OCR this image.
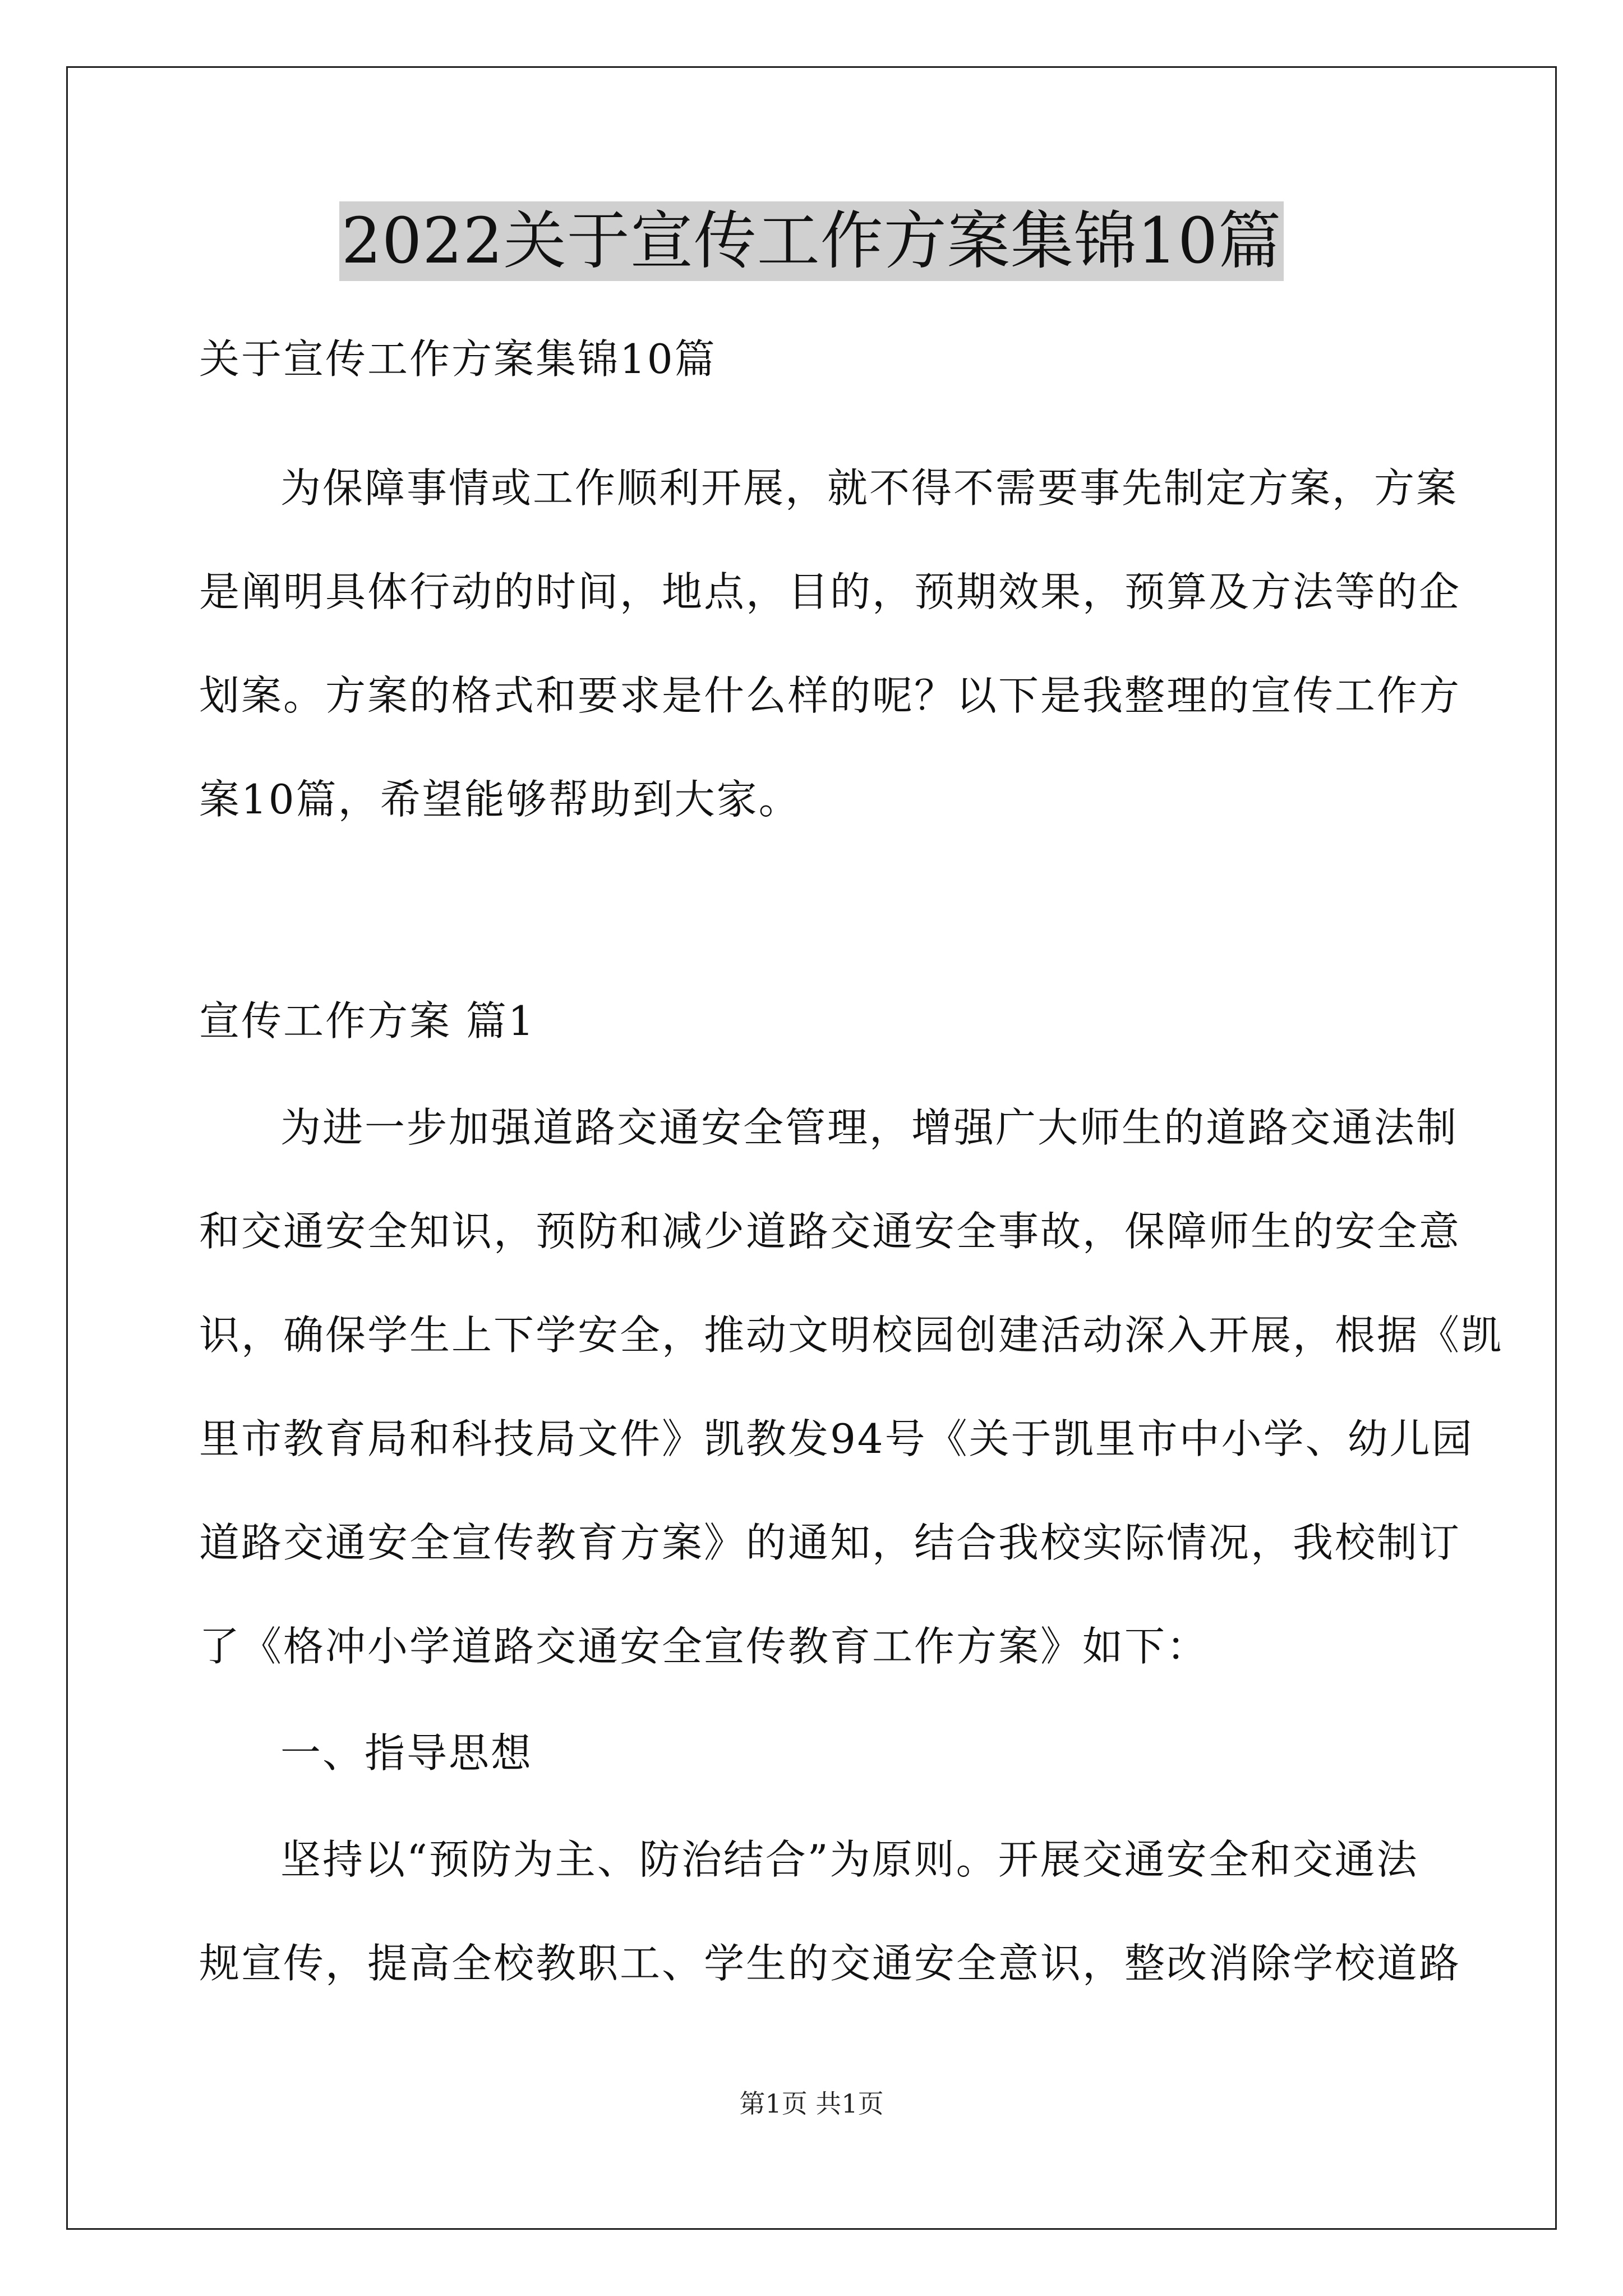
2022关于宣传工作方案集锦10篇
关于宣传工作方案集锦10篇
为保障事情或工作顺利开展，就不得不需要事先制定方案，方案
是阐明具体行动的时间，地点，目的，预期效果，预算及方法等的企
划案。方案的格式和要求是什么样的呢？以下是我整理的宣传工作方
案10篇，希望能够帮助到大家。
宣传工作方案 篇1
为进一步加强道路交通安全管理，增强广大师生的道路交通法制
和交通安全知识，预防和减少道路交通安全事故，保障师生的安全意
识，确保学生上下学安全，推动文明校园创建活动深入开展，根据《凯
里市教育局和科技局文件》凯教发94号《关于凯里市中小学、幼儿园
道路交通安全宣传教育方案》的通知，结合我校实际情况，我校制订
了《格冲小学道路交通安全宣传教育工作方案》如下：
一、指导思想
坚持以“预防为主、防治结合”为原则。开展交通安全和交通法
规宣传，提高全校教职工、学生的交通安全意识，整改消除学校道路
第1页 共1页
